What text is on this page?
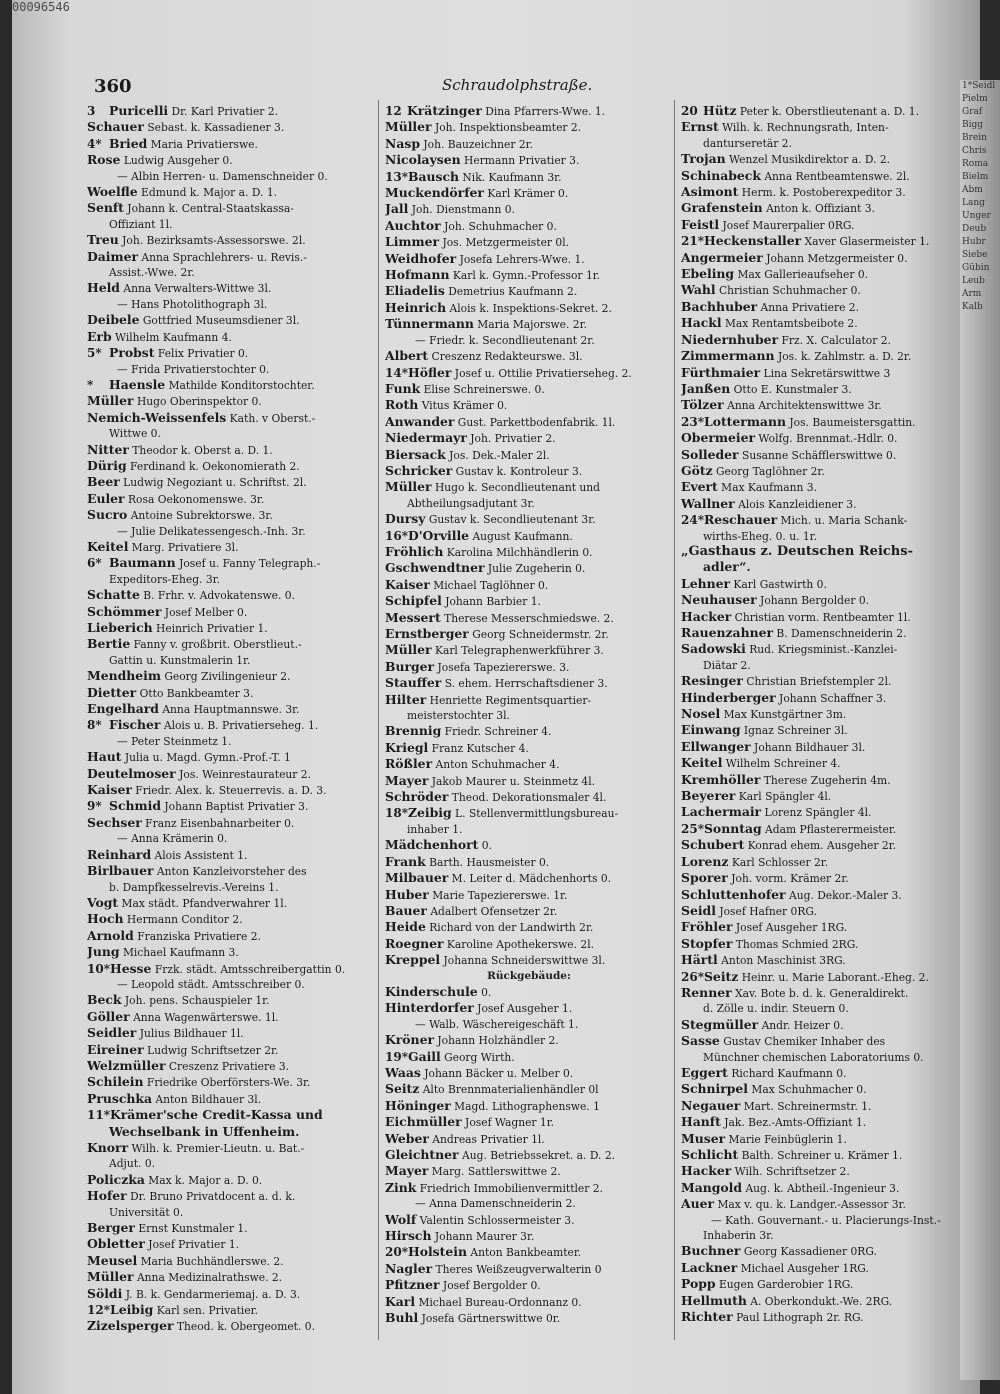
00096546
360	Schraudolphstraße.
3 Puricelli Dr. Karl Privatier 2.
Schauer Sebast. k. Kassadiener 3.
4* Bried Maria Privatierswe.
Rose Ludwig Ausgeher 0.
— Albin Herren- u. Damenschneider 0.
Woelfle Edmund k. Major a. D. 1.
Senft Johann k. Central-Staatskassa-
Offiziant 1l.
Treu Joh. Bezirksamts-Assessorswe. 2l.
Daimer Anna Sprachlehrers- u. Revis.-
Assist.-Wwe. 2r.
Held Anna Verwalters-Wittwe 3l.
— Hans Photolithograph 3l.
Deibele Gottfried Museumsdiener 3l.
Erb Wilhelm Kaufmann 4.
5* Probst Felix Privatier 0.
— Frida Privatierstochter 0.
* Haensle Mathilde Konditorstochter.
Müller Hugo Oberinspektor 0.
Nemich-Weissenfels Kath. v Oberst.-
Wittwe 0.
Nitter Theodor k. Oberst a. D. 1.
Dürig Ferdinand k. Oekonomierath 2.
Beer Ludwig Negoziant u. Schriftst. 2l.
Euler Rosa Oekonomenswe. 3r.
Sucro Antoine Subrektorswe. 3r.
— Julie Delikatessengesch.-Inh. 3r.
Keitel Marg. Privatiere 3l.
6* Baumann Josef u. Fanny Telegraph.-
Expeditors-Eheg. 3r.
Schatte B. Frhr. v. Advokatenswe. 0.
Schömmer Josef Melber 0.
Lieberich Heinrich Privatier 1.
Bertie Fanny v. großbrit. Oberstlieut.-
Gattin u. Kunstmalerin 1r.
Mendheim Georg Zivilingenieur 2.
Dietter Otto Bankbeamter 3.
Engelhard Anna Hauptmannswe. 3r.
8* Fischer Alois u. B. Privatierseheg. 1.
— Peter Steinmetz 1.
Haut Julia u. Magd. Gymn.-Prof.-T. 1
Deutelmoser Jos. Weinrestaurateur 2.
Kaiser Friedr. Alex. k. Steuerrevis. a. D. 3.
9* Schmid Johann Baptist Privatier 3.
Sechser Franz Eisenbahnarbeiter 0.
— Anna Krämerin 0.
Reinhard Alois Assistent 1.
Birlbauer Anton Kanzleivorsteher des
b. Dampfkesselrevis.-Vereins 1.
Vogt Max städt. Pfandverwahrer 1l.
Hoch Hermann Conditor 2.
Arnold Franziska Privatiere 2.
Jung Michael Kaufmann 3.
10*Hesse Frzk. städt. Amtsschreibergattin 0.
— Leopold städt. Amtsschreiber 0.
Beck Joh. pens. Schauspieler 1r.
Göller Anna Wagenwärterswe. 1l.
Seidler Julius Bildhauer 1l.
Eireiner Ludwig Schriftsetzer 2r.
Welzmüller Creszenz Privatiere 3.
Schilein Friedrike Oberförsters-We. 3r.
Pruschka Anton Bildhauer 3l.
11*Krämer'sche Credit-Kassa und
Wechselbank in Uffenheim.
Knorr Wilh. k. Premier-Lieutn. u. Bat.-
Adjut. 0.
Policzka Max k. Major a. D. 0.
Hofer Dr. Bruno Privatdocent a. d. k.
Universität 0.
Berger Ernst Kunstmaler 1.
Obletter Josef Privatier 1.
Meusel Maria Buchhändlerswe. 2.
Müller Anna Medizinalrathswe. 2.
Söldi J. B. k. Gendarmeriemaj. a. D. 3.
12*Leibig Karl sen. Privatier.
Zizelsperger Theod. k. Obergeomet. 0.
12 Krätzinger Dina Pfarrers-Wwe. 1.
Müller Joh. Inspektionsbeamter 2.
Nasp Joh. Bauzeichner 2r.
Nicolaysen Hermann Privatier 3.
13*Bausch Nik. Kaufmann 3r.
Muckendörfer Karl Krämer 0.
Jall Joh. Dienstmann 0.
Auchtor Joh. Schuhmacher 0.
Limmer Jos. Metzgermeister 0l.
Weidhofer Josefa Lehrers-Wwe. 1.
Hofmann Karl k. Gymn.-Professor 1r.
Eliadelis Demetrius Kaufmann 2.
Heinrich Alois k. Inspektions-Sekret. 2.
Tünnermann Maria Majorswe. 2r.
— Friedr. k. Secondlieutenant 2r.
Albert Creszenz Redakteurswe. 3l.
14*Höfler Josef u. Ottilie Privatierseheg. 2.
Funk Elise Schreinerswe. 0.
Roth Vitus Krämer 0.
Anwander Gust. Parkettbodenfabrik. 1l.
Niedermayr Joh. Privatier 2.
Biersack Jos. Dek.-Maler 2l.
Schricker Gustav k. Kontroleur 3.
Müller Hugo k. Secondlieutenant und
Abtheilungsadjutant 3r.
Dursy Gustav k. Secondlieutenant 3r.
16*D'Orville August Kaufmann.
Fröhlich Karolina Milchhändlerin 0.
Gschwendtner Julie Zugeherin 0.
Kaiser Michael Taglöhner 0.
Schipfel Johann Barbier 1.
Messert Therese Messerschmiedswe. 2.
Ernstberger Georg Schneidermstr. 2r.
Müller Karl Telegraphenwerkführer 3.
Burger Josefa Tapeziererswe. 3.
Stauffer S. ehem. Herrschaftsdiener 3.
Hilter Henriette Regimentsquartier-
meisterstochter 3l.
Brennig Friedr. Schreiner 4.
Kriegl Franz Kutscher 4.
Rößler Anton Schuhmacher 4.
Mayer Jakob Maurer u. Steinmetz 4l.
Schröder Theod. Dekorationsmaler 4l.
18*Zeibig L. Stellenvermittlungsbureau-
inhaber 1.
Mädchenhort 0.
Frank Barth. Hausmeister 0.
Milbauer M. Leiter d. Mädchenhorts 0.
Huber Marie Tapeziererswe. 1r.
Bauer Adalbert Ofensetzer 2r.
Heide Richard von der Landwirth 2r.
Roegner Karoline Apothekerswe. 2l.
Kreppel Johanna Schneiderswittwe 3l.
Rückgebäude:
Kinderschule 0.
Hinterdorfer Josef Ausgeher 1.
— Walb. Wäschereigeschäft 1.
Kröner Johann Holzhändler 2.
19*Gaill Georg Wirth.
Waas Johann Bäcker u. Melber 0.
Seitz Alto Brennmaterialienhändler 0l
Höninger Magd. Lithographenswe. 1
Eichmüller Josef Wagner 1r.
Weber Andreas Privatier 1l.
Gleichtner Aug. Betriebssekret. a. D. 2.
Mayer Marg. Sattlerswittwe 2.
Zink Friedrich Immobilienvermittler 2.
— Anna Damenschneiderin 2.
Wolf Valentin Schlossermeister 3.
Hirsch Johann Maurer 3r.
20*Holstein Anton Bankbeamter.
Nagler Theres Weißzeugverwalterin 0
Pfitzner Josef Bergolder 0.
Karl Michael Bureau-Ordonnanz 0.
Buhl Josefa Gärtnerswittwe 0r.
20 Hütz Peter k. Oberstlieutenant a. D. 1.
Ernst Wilh. k. Rechnungsrath, Inten-
danturseretär 2.
Trojan Wenzel Musikdirektor a. D. 2.
Schinabeck Anna Rentbeamtenswe. 2l.
Asimont Herm. k. Postoberexpeditor 3.
Grafenstein Anton k. Offiziant 3.
Feistl Josef Maurerpalier 0RG.
21*Heckenstaller Xaver Glasermeister 1.
Angermeier Johann Metzgermeister 0.
Ebeling Max Gallerieaufseher 0.
Wahl Christian Schuhmacher 0.
Bachhuber Anna Privatiere 2.
Hackl Max Rentamtsbeibote 2.
Niedernhuber Frz. X. Calculator 2.
Zimmermann Jos. k. Zahlmstr. a. D. 2r.
Fürthmaier Lina Sekretärswittwe 3
Janßen Otto E. Kunstmaler 3.
Tölzer Anna Architektenswittwe 3r.
23*Lottermann Jos. Baumeistersgattin.
Obermeier Wolfg. Brennmat.-Hdlr. 0.
Solleder Susanne Schäfflerswittwe 0.
Götz Georg Taglöhner 2r.
Evert Max Kaufmann 3.
Wallner Alois Kanzleidiener 3.
24*Reschauer Mich. u. Maria Schank-
wirths-Eheg. 0. u. 1r.
„Gasthaus z. Deutschen Reichs-
adler“.
Lehner Karl Gastwirth 0.
Neuhauser Johann Bergolder 0.
Hacker Christian vorm. Rentbeamter 1l.
Rauenzahner B. Damenschneiderin 2.
Sadowski Rud. Kriegsminist.-Kanzlei-
Diätar 2.
Resinger Christian Briefstempler 2l.
Hinderberger Johann Schaffner 3.
Nosel Max Kunstgärtner 3m.
Einwang Ignaz Schreiner 3l.
Ellwanger Johann Bildhauer 3l.
Keitel Wilhelm Schreiner 4.
Kremhöller Therese Zugeherin 4m.
Beyerer Karl Spängler 4l.
Lachermair Lorenz Spängler 4l.
25*Sonntag Adam Pflasterermeister.
Schubert Konrad ehem. Ausgeher 2r.
Lorenz Karl Schlosser 2r.
Sporer Joh. vorm. Krämer 2r.
Schluttenhofer Aug. Dekor.-Maler 3.
Seidl Josef Hafner 0RG.
Fröhler Josef Ausgeher 1RG.
Stopfer Thomas Schmied 2RG.
Härtl Anton Maschinist 3RG.
26*Seitz Heinr. u. Marie Laborant.-Eheg. 2.
Renner Xav. Bote b. d. k. Generaldirekt.
d. Zölle u. indir. Steuern 0.
Stegmüller Andr. Heizer 0.
Sasse Gustav Chemiker Inhaber des
Münchner chemischen Laboratoriums 0.
Eggert Richard Kaufmann 0.
Schnirpel Max Schuhmacher 0.
Negauer Mart. Schreinermstr. 1.
Hanft Jak. Bez.-Amts-Offiziant 1.
Muser Marie Feinbüglerin 1.
Schlicht Balth. Schreiner u. Krämer 1.
Hacker Wilh. Schriftsetzer 2.
Mangold Aug. k. Abtheil.-Ingenieur 3.
Auer Max v. qu. k. Landger.-Assessor 3r.
— Kath. Gouvernant.- u. Placierungs-Inst.-
Inhaberin 3r.
Buchner Georg Kassadiener 0RG.
Lackner Michael Ausgeher 1RG.
Popp Eugen Garderobier 1RG.
Hellmuth A. Oberkondukt.-We. 2RG.
Richter Paul Lithograph 2r. RG.
1*Seidl
Pielm
Graf
Bigg
Brein
Chris
Roma
Bielm
Abm
Lang
Unger
Deub
Hubr
Siebe
Gübin
Leub
Arm
Kalb
